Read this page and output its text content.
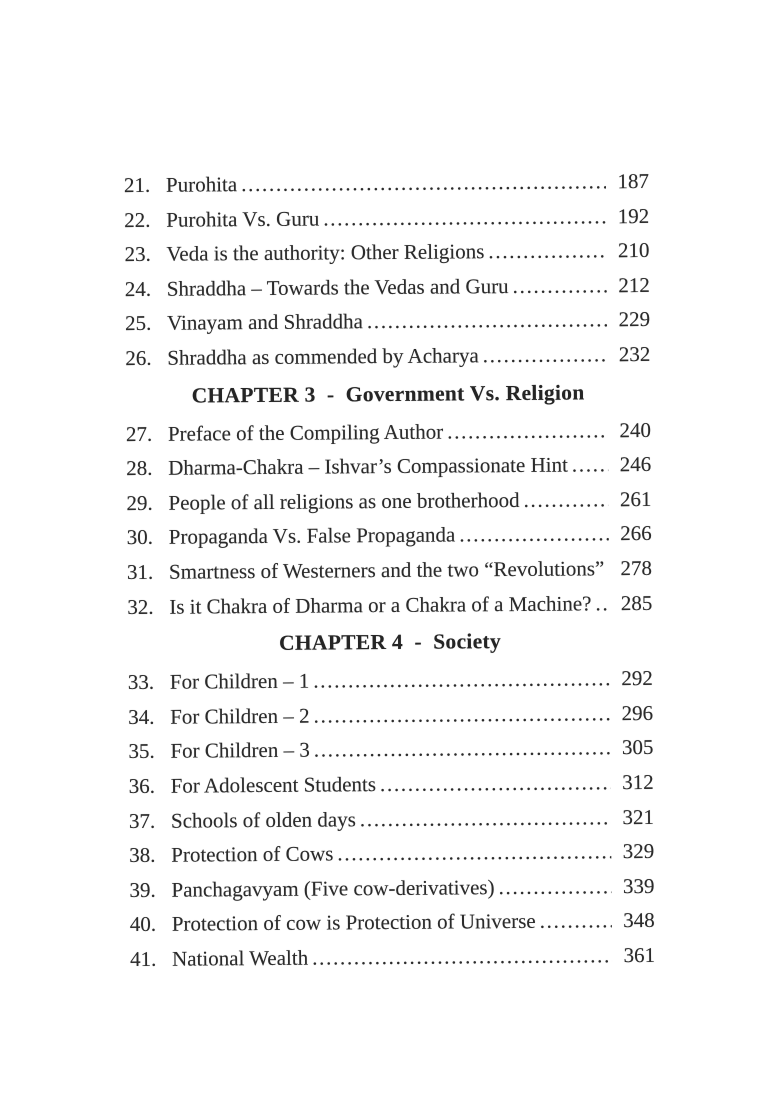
21. Purohita .....	187
22. Purohita Vs. Guru .....	192
23. Veda is the authority: Other Religions .....	210
24. Shraddha – Towards the Vedas and Guru .....	212
25. Vinayam and Shraddha .....	229
26. Shraddha as commended by Acharya .....	232
CHAPTER 3  -  Government Vs. Religion
27. Preface of the Compiling Author .....	240
28. Dharma-Chakra – Ishvar’s Compassionate Hint .....	246
29. People of all religions as one brotherhood .....	261
30. Propaganda Vs. False Propaganda .....	266
31. Smartness of Westerners and the two “Revolutions” ..... 278
32. Is it Chakra of Dharma or a Chakra of a Machine? .....	285
CHAPTER 4  -  Society
33. For Children – 1 .....	292
34. For Children – 2 .....	296
35. For Children – 3 .....	305
36. For Adolescent Students .....	312
37. Schools of olden days .....	321
38. Protection of Cows .....	329
39. Panchagavyam (Five cow-derivatives) .....	339
40. Protection of cow is Protection of Universe .....	348
41. National Wealth .....	361
